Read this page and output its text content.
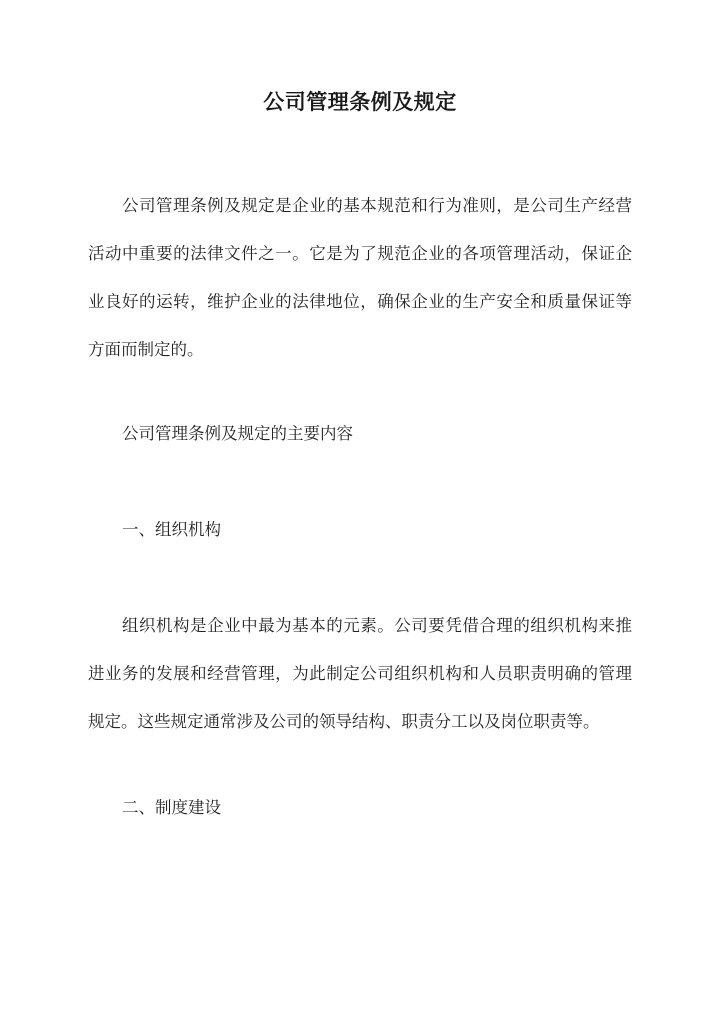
公司管理条例及规定
公司管理条例及规定是企业的基本规范和行为准则，是公司生产经营活动中重要的法律文件之一。它是为了规范企业的各项管理活动，保证企业良好的运转，维护企业的法律地位，确保企业的生产安全和质量保证等方面而制定的。
公司管理条例及规定的主要内容
一、组织机构
组织机构是企业中最为基本的元素。公司要凭借合理的组织机构来推进业务的发展和经营管理，为此制定公司组织机构和人员职责明确的管理规定。这些规定通常涉及公司的领导结构、职责分工以及岗位职责等。
二、制度建设
